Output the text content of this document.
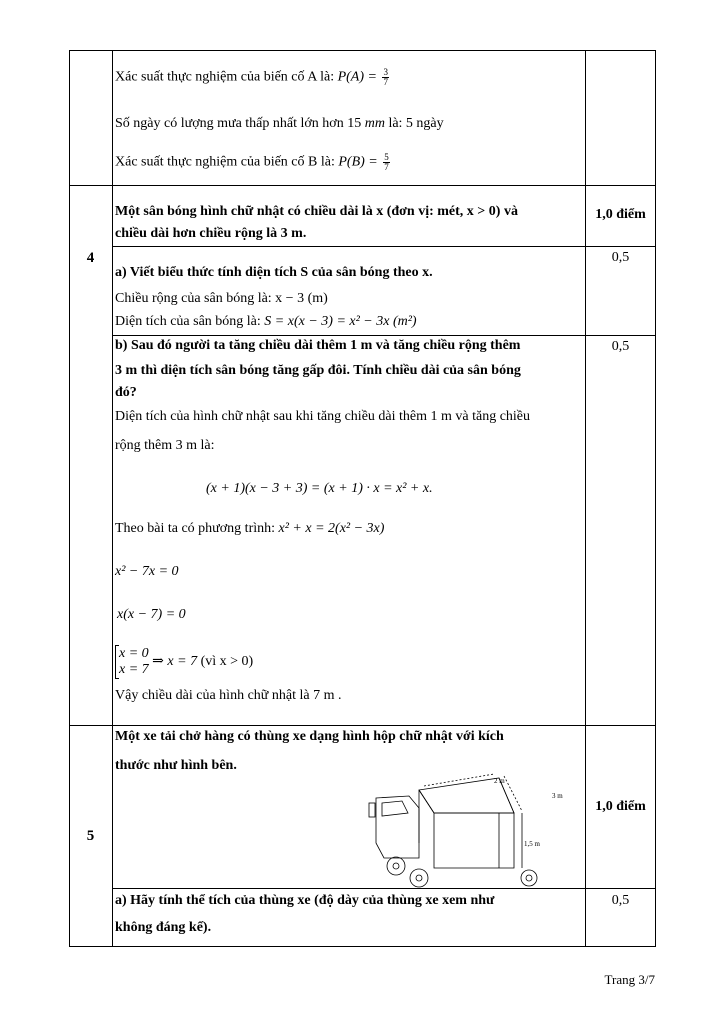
Xác suất thực nghiệm của biến cố A là: $P(A) = \frac{3}{7}$
Số ngày có lượng mưa thấp nhất lớn hơn 15 mm là: 5 ngày
Xác suất thực nghiệm của biến cố B là: $P(B) = \frac{5}{7}$
4
Một sân bóng hình chữ nhật có chiều dài là x (đơn vị: mét, x > 0) và
chiều dài hơn chiều rộng là 3 m.
1,0 điểm
a) Viết biểu thức tính diện tích S của sân bóng theo x.
0,5
Chiều rộng của sân bóng là: x − 3 (m)
Diện tích của sân bóng là: S = x(x − 3) = x² − 3x (m²)
b) Sau đó người ta tăng chiều dài thêm 1 m và tăng chiều rộng thêm
3 m thì diện tích sân bóng tăng gấp đôi. Tính chiều dài của sân bóng
đó?
0,5
Diện tích của hình chữ nhật sau khi tăng chiều dài thêm 1 m và tăng chiều
rộng thêm 3 m là:
(x + 1)(x − 3 + 3) = (x + 1) · x = x² + x.
Theo bài ta có phương trình: x² + x = 2(x² − 3x)
x² − 7x = 0
x(x − 7) = 0
x = 0
x = 7
⇒ x = 7 (vì x > 0)
Vậy chiều dài của hình chữ nhật là 7 m .
5
Một xe tải chở hàng có thùng xe dạng hình hộp chữ nhật với kích
thước như hình bên.
1,0 điểm
2 m
3 m
1,5 m
a) Hãy tính thể tích của thùng xe (độ dày của thùng xe xem như
không đáng kể).
0,5
Trang 3/7
